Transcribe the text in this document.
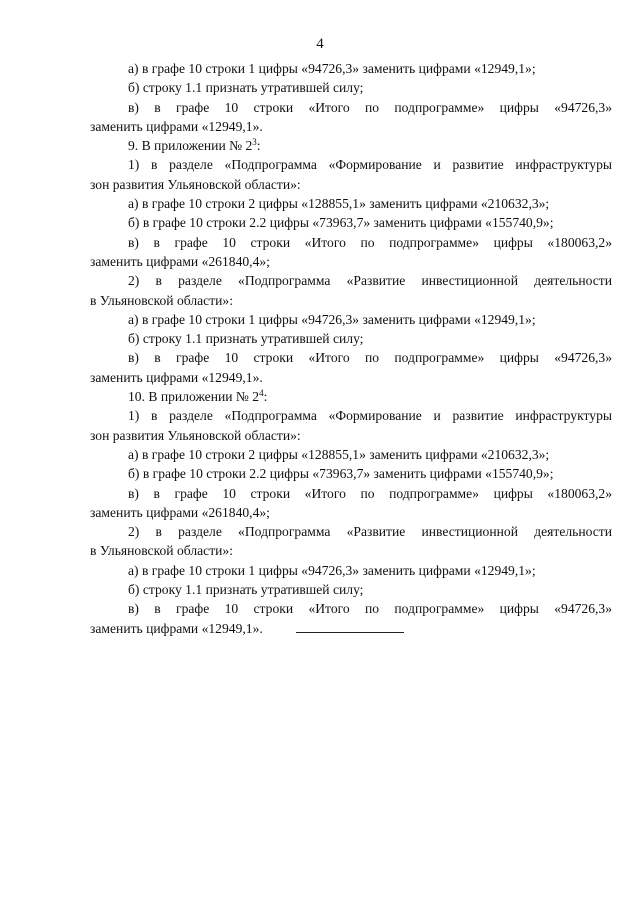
4
а) в графе 10 строки 1 цифры «94726,3» заменить цифрами «12949,1»;
б) строку 1.1 признать утратившей силу;
в) в графе 10 строки «Итого по подпрограмме» цифры «94726,3»
заменить цифрами «12949,1».
9. В приложении № $2^3$:
1) в разделе «Подпрограмма «Формирование и развитие инфраструктуры
зон развития Ульяновской области»:
а) в графе 10 строки 2 цифры «128855,1» заменить цифрами «210632,3»;
б) в графе 10 строки 2.2 цифры «73963,7» заменить цифрами «155740,9»;
в) в графе 10 строки «Итого по подпрограмме» цифры «180063,2»
заменить цифрами «261840,4»;
2) в разделе «Подпрограмма «Развитие инвестиционной деятельности
в Ульяновской области»:
а) в графе 10 строки 1 цифры «94726,3» заменить цифрами «12949,1»;
б) строку 1.1 признать утратившей силу;
в) в графе 10 строки «Итого по подпрограмме» цифры «94726,3»
заменить цифрами «12949,1».
10. В приложении № $2^4$:
1) в разделе «Подпрограмма «Формирование и развитие инфраструктуры
зон развития Ульяновской области»:
а) в графе 10 строки 2 цифры «128855,1» заменить цифрами «210632,3»;
б) в графе 10 строки 2.2 цифры «73963,7» заменить цифрами «155740,9»;
в) в графе 10 строки «Итого по подпрограмме» цифры «180063,2»
заменить цифрами «261840,4»;
2) в разделе «Подпрограмма «Развитие инвестиционной деятельности
в Ульяновской области»:
а) в графе 10 строки 1 цифры «94726,3» заменить цифрами «12949,1»;
б) строку 1.1 признать утратившей силу;
в) в графе 10 строки «Итого по подпрограмме» цифры «94726,3»
заменить цифрами «12949,1».
